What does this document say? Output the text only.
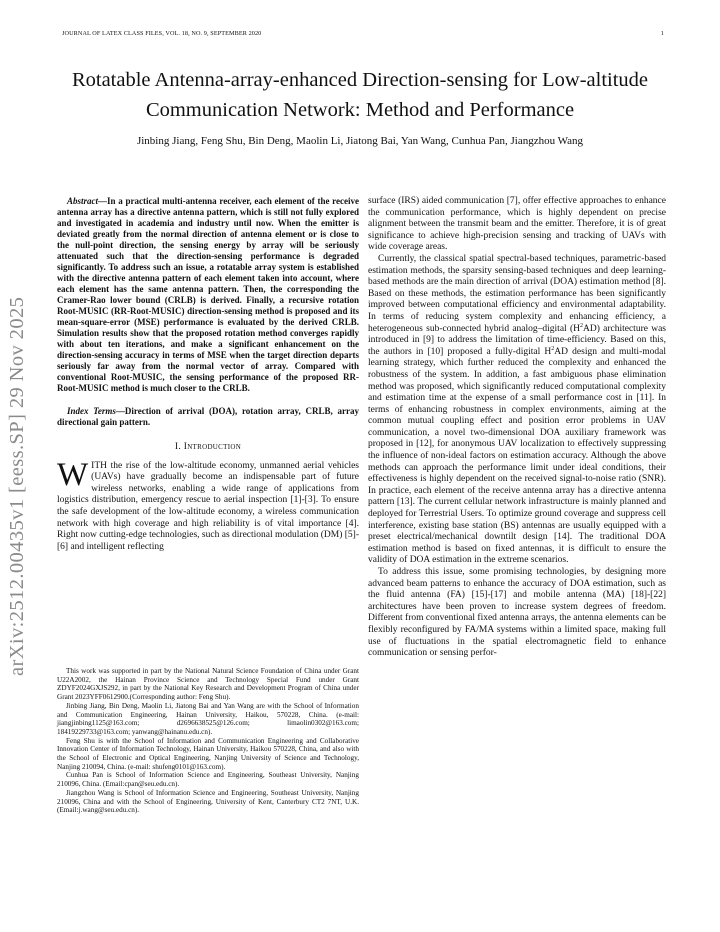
JOURNAL OF LATEX CLASS FILES, VOL. 18, NO. 9, SEPTEMBER 2020	1
arXiv:2512.00435v1 [eess.SP] 29 Nov 2025
Rotatable Antenna-array-enhanced Direction-sensing for Low-altitude Communication Network: Method and Performance
Jinbing Jiang, Feng Shu, Bin Deng, Maolin Li, Jiatong Bai, Yan Wang, Cunhua Pan, Jiangzhou Wang

Abstract—In a practical multi-antenna receiver, each element of the receive antenna array has a directive antenna pattern, which is still not fully explored and investigated in academia and industry until now. When the emitter is deviated greatly from the normal direction of antenna element or is close to the null-point direction, the sensing energy by array will be seriously attenuated such that the direction-sensing performance is degraded significantly. To address such an issue, a rotatable array system is established with the directive antenna pattern of each element taken into account, where each element has the same antenna pattern. Then, the corresponding the Cramer-Rao lower bound (CRLB) is derived. Finally, a recursive rotation Root-MUSIC (RR-Root-MUSIC) direction-sensing method is proposed and its mean-square-error (MSE) performance is evaluated by the derived CRLB. Simulation results show that the proposed rotation method converges rapidly with about ten iterations, and make a significant enhancement on the direction-sensing accuracy in terms of MSE when the target direction departs seriously far away from the normal vector of array. Compared with conventional Root-MUSIC, the sensing performance of the proposed RR-Root-MUSIC method is much closer to the CRLB.

Index Terms—Direction of arrival (DOA), rotation array, CRLB, array directional gain pattern.

I. Introduction

WITH the rise of the low-altitude economy, unmanned aerial vehicles (UAVs) have gradually become an indispensable part of future wireless networks, enabling a wide range of applications from logistics distribution, emergency rescue to aerial inspection [1]-[3]. To ensure the safe development of the low-altitude economy, a wireless communication network with high coverage and high reliability is of vital importance [4]. Right now cutting-edge technologies, such as directional modulation (DM) [5]-[6] and intelligent reflecting

This work was supported in part by the National Natural Science Foundation of China under Grant U22A2002, the Hainan Province Science and Technology Special Fund under Grant ZDYF2024GXJS292, in part by the National Key Research and Development Program of China under Grant 2023YFF0612900.(Corresponding author: Feng Shu).

Jinbing Jiang, Bin Deng, Maolin Li, Jiatong Bai and Yan Wang are with the School of Information and Communication Engineering, Hainan University, Haikou, 570228, China. (e-mail: jiangjinbing1125@163.com; d2696638525@126.com; limaolin0302@163.com; 18419229733@163.com; yanwang@hainanu.edu.cn).

Feng Shu is with the School of Information and Communication Engineering and Collaborative Innovation Center of Information Technology, Hainan University, Haikou 570228, China, and also with the School of Electronic and Optical Engineering, Nanjing University of Science and Technology, Nanjing 210094, China. (e-mail: shufeng0101@163.com).

Cunhua Pan is School of Information Science and Engineering, Southeast University, Nanjing 210096, China. (Email:cpan@seu.edu.cn).

Jiangzhou Wang is School of Information Science and Engineering, Southeast University, Nanjing 210096, China and with the School of Engineering, University of Kent, Canterbury CT2 7NT, U.K. (Email:j.wang@seu.edu.cn).

surface (IRS) aided communication [7], offer effective approaches to enhance the communication performance, which is highly dependent on precise alignment between the transmit beam and the emitter. Therefore, it is of great significance to achieve high-precision sensing and tracking of UAVs with wide coverage areas.

Currently, the classical spatial spectral-based techniques, parametric-based estimation methods, the sparsity sensing-based techniques and deep learning-based methods are the main direction of arrival (DOA) estimation method [8]. Based on these methods, the estimation performance has been significantly improved between computational efficiency and environmental adaptability. In terms of reducing system complexity and enhancing efficiency, a heterogeneous sub-connected hybrid analog–digital $(H^2AD)$ architecture was introduced in [9] to address the limitation of time-efficiency. Based on this, the authors in [10] proposed a fully-digital $H^2AD$ design and multi-modal learning strategy, which further reduced the complexity and enhanced the robustness of the system. In addition, a fast ambiguous phase elimination method was proposed, which significantly reduced computational complexity and estimation time at the expense of a small performance cost in [11]. In terms of enhancing robustness in complex environments, aiming at the common mutual coupling effect and position error problems in UAV communication, a novel two-dimensional DOA auxiliary framework was proposed in [12], for anonymous UAV localization to effectively suppressing the influence of non-ideal factors on estimation accuracy. Although the above methods can approach the performance limit under ideal conditions, their effectiveness is highly dependent on the received signal-to-noise ratio (SNR). In practice, each element of the receive antenna array has a directive antenna pattern [13]. The current cellular network infrastructure is mainly planned and deployed for Terrestrial Users. To optimize ground coverage and suppress cell interference, existing base station (BS) antennas are usually equipped with a preset electrical/mechanical downtilt design [14]. The traditional DOA estimation method is based on fixed antennas, it is difficult to ensure the validity of DOA estimation in the extreme scenarios.

To address this issue, some promising technologies, by designing more advanced beam patterns to enhance the accuracy of DOA estimation, such as the fluid antenna (FA) [15]-[17] and mobile antenna (MA) [18]-[22] architectures have been proven to increase system degrees of freedom. Different from conventional fixed antenna arrays, the antenna elements can be flexibly reconfigured by FA/MA systems within a limited space, making full use of fluctuations in the spatial electromagnetic field to enhance communication or sensing perfor-
